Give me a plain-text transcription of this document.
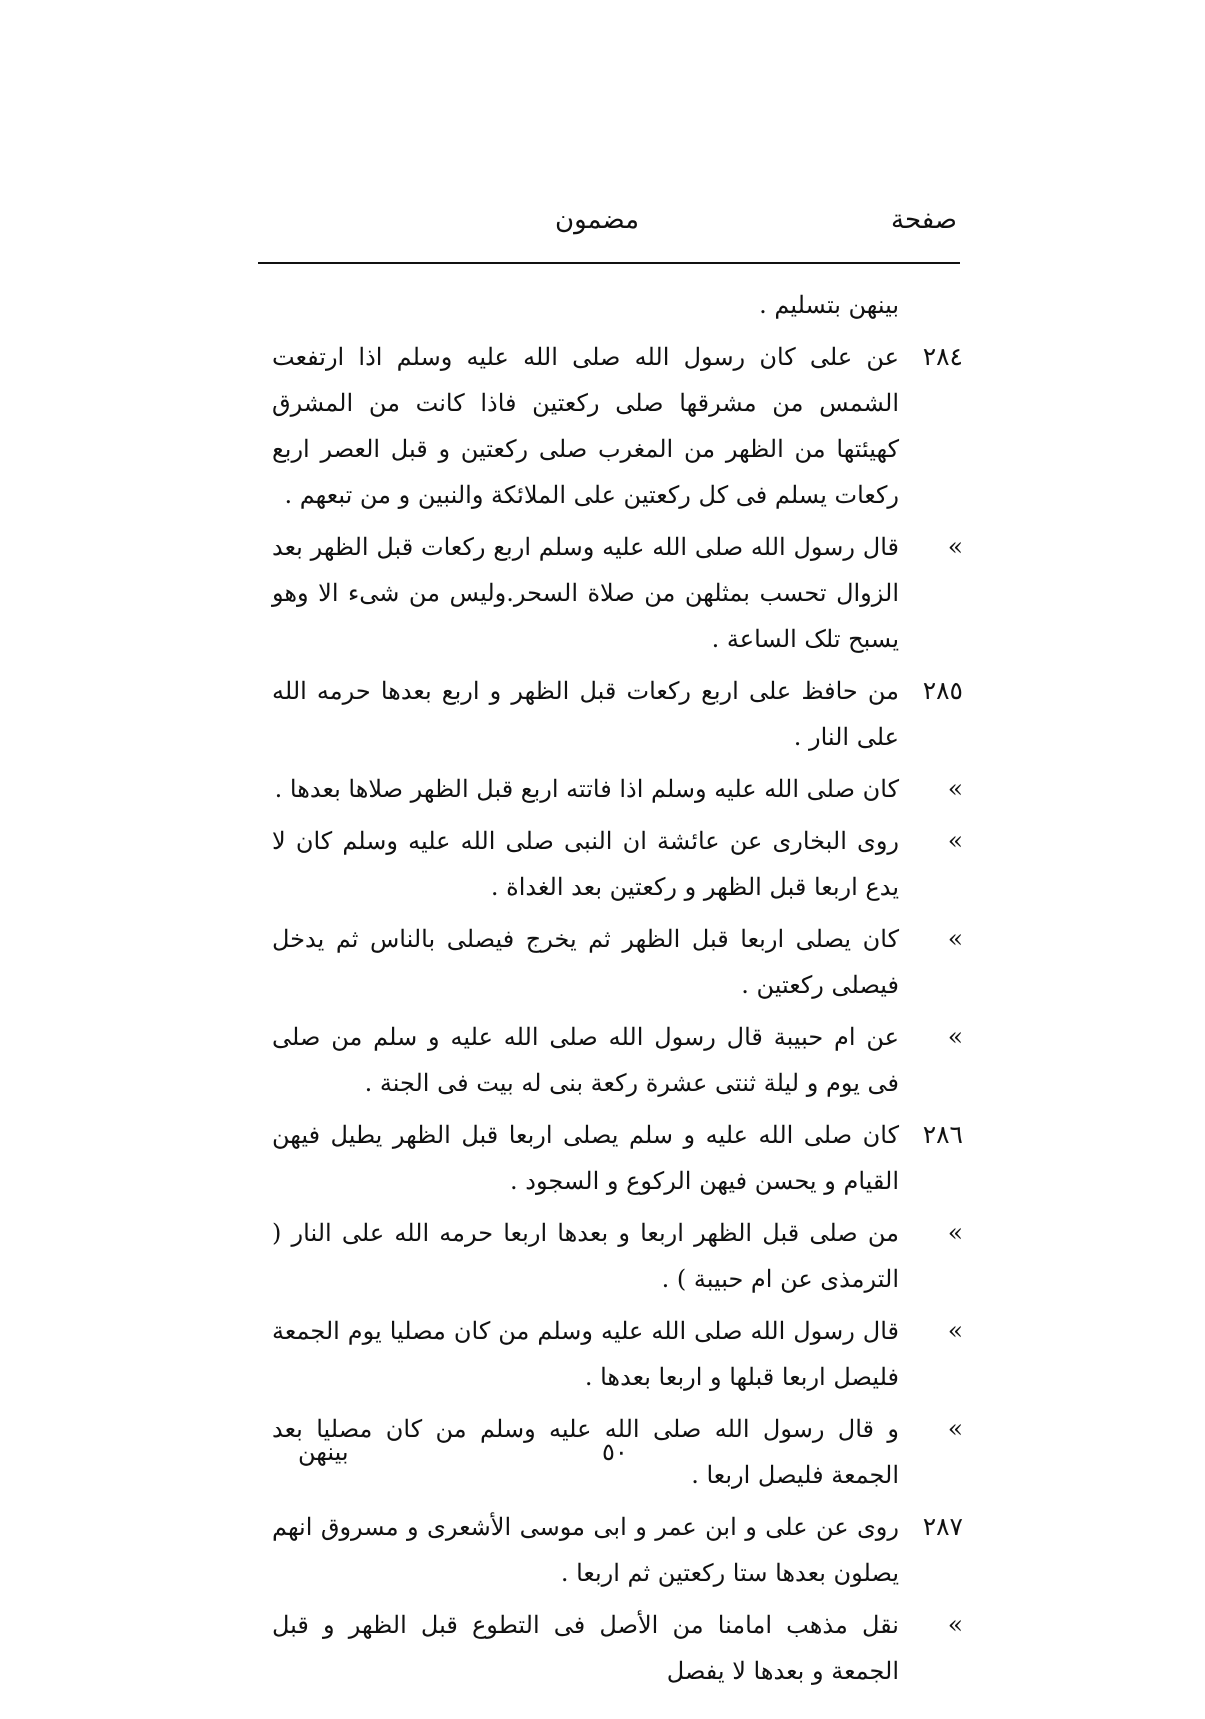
مضمون	صفحة
بينهن بتسليم .
٢٨٤
عن علی کان رسول الله صلی الله علیه وسلم اذا ارتفعت الشمس من مشرقها صلی رکعتین فاذا کانت من المشرق کهیئتها من الظهر من المغرب صلی رکعتین و قبل العصر اربع رکعات یسلم فی کل رکعتین علی الملائکة والنبین و من تبعهم .
»
قال رسول الله صلی الله علیه وسلم اربع رکعات قبل الظهر بعد الزوال تحسب بمثلهن من صلاة السحر.ولیس من شیء الا وهو یسبح تلک الساعة .
٢٨٥
من حافظ علی اربع رکعات قبل الظهر و اربع بعدها حرمه الله علی النار .
»
کان صلی الله علیه وسلم اذا فاتته اربع قبل الظهر صلاها بعدها .
»
روی البخاری عن عائشة ان النبی صلی الله علیه وسلم کان لا یدع اربعا قبل الظهر و رکعتین بعد الغداة .
»
کان یصلی اربعا قبل الظهر ثم یخرج فیصلی بالناس ثم یدخل فیصلی رکعتین .
»
عن ام حبیبة قال رسول الله صلی الله علیه و سلم من صلی فی یوم و لیلة ثنتی عشرة رکعة بنی له بیت فی الجنة .
٢٨٦
کان صلی الله علیه و سلم یصلی اربعا قبل الظهر یطیل فیهن القیام و یحسن فیهن الرکوع و السجود .
»
من صلی قبل الظهر اربعا و بعدها اربعا حرمه الله علی النار ( الترمذی عن ام حبیبة ) .
»
قال رسول الله صلی الله علیه وسلم من کان مصلیا یوم الجمعة فلیصل اربعا قبلها و اربعا بعدها .
»
و قال رسول الله صلی الله علیه وسلم من کان مصلیا بعد الجمعة فلیصل اربعا .
٢٨٧
روی عن علی و ابن عمر و ابی موسی الأشعری و مسروق انهم یصلون بعدها ستا رکعتین ثم اربعا .
»
نقل مذهب امامنا من الأصل فی التطوع قبل الظهر و قبل الجمعة و بعدها لا یفصل
بینهن	٥٠
